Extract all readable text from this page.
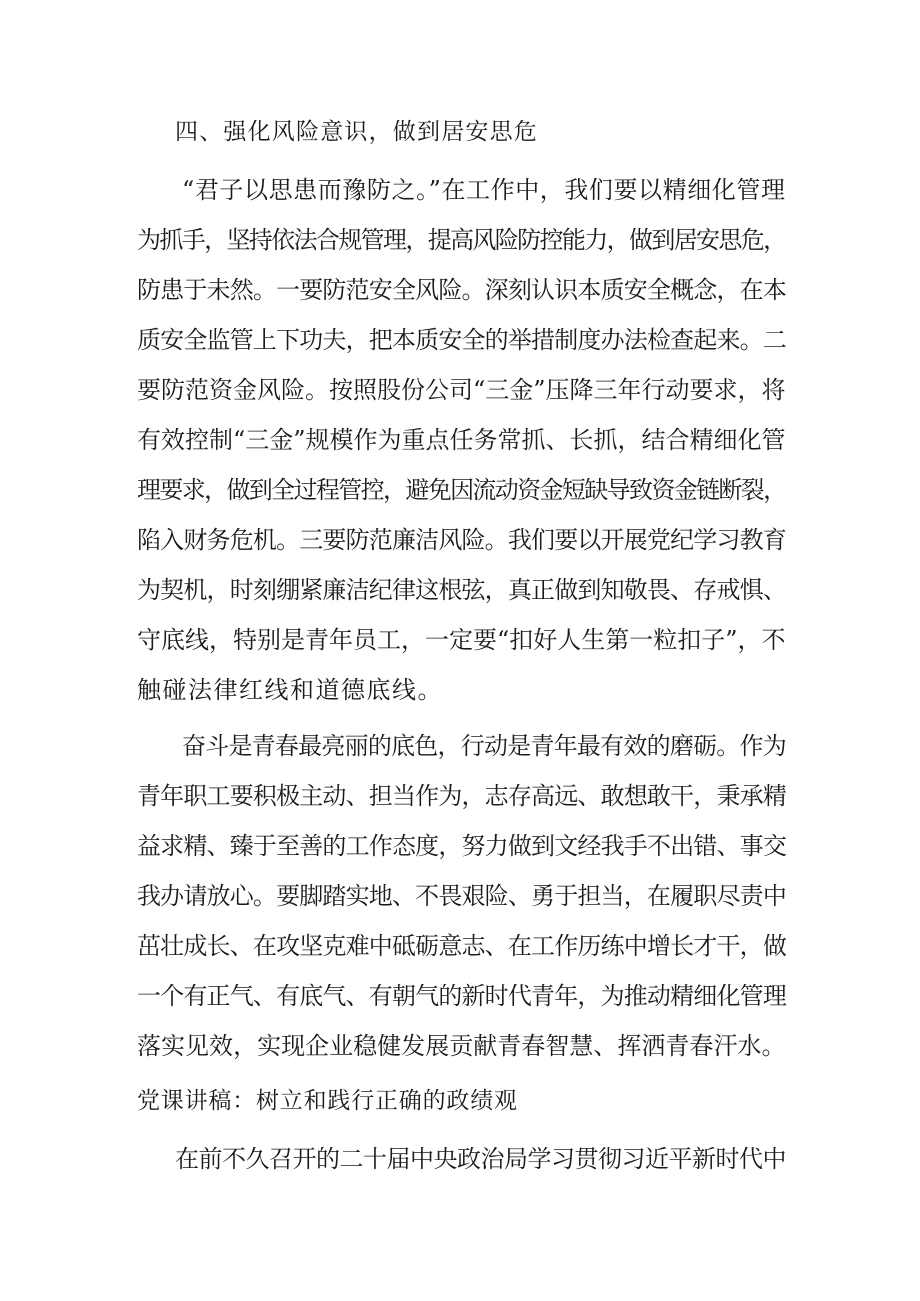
四、强化风险意识，做到居安思危
“君子以思患而豫防之。”在工作中，我们要以精细化管理
为抓手，坚持依法合规管理，提高风险防控能力，做到居安思危，
防患于未然。一要防范安全风险。深刻认识本质安全概念，在本
质安全监管上下功夫，把本质安全的举措制度办法检查起来。二
要防范资金风险。按照股份公司“三金”压降三年行动要求，将
有效控制“三金”规模作为重点任务常抓、长抓，结合精细化管
理要求，做到全过程管控，避免因流动资金短缺导致资金链断裂，
陷入财务危机。三要防范廉洁风险。我们要以开展党纪学习教育
为契机，时刻绷紧廉洁纪律这根弦，真正做到知敬畏、存戒惧、
守底线，特别是青年员工，一定要“扣好人生第一粒扣子”，不
触碰法律红线和道德底线。
奋斗是青春最亮丽的底色，行动是青年最有效的磨砺。作为
青年职工要积极主动、担当作为，志存高远、敢想敢干，秉承精
益求精、臻于至善的工作态度，努力做到文经我手不出错、事交
我办请放心。要脚踏实地、不畏艰险、勇于担当，在履职尽责中
茁壮成长、在攻坚克难中砥砺意志、在工作历练中增长才干，做
一个有正气、有底气、有朝气的新时代青年，为推动精细化管理
落实见效，实现企业稳健发展贡献青春智慧、挥洒青春汗水。
党课讲稿：树立和践行正确的政绩观
在前不久召开的二十届中央政治局学习贯彻习近平新时代中
